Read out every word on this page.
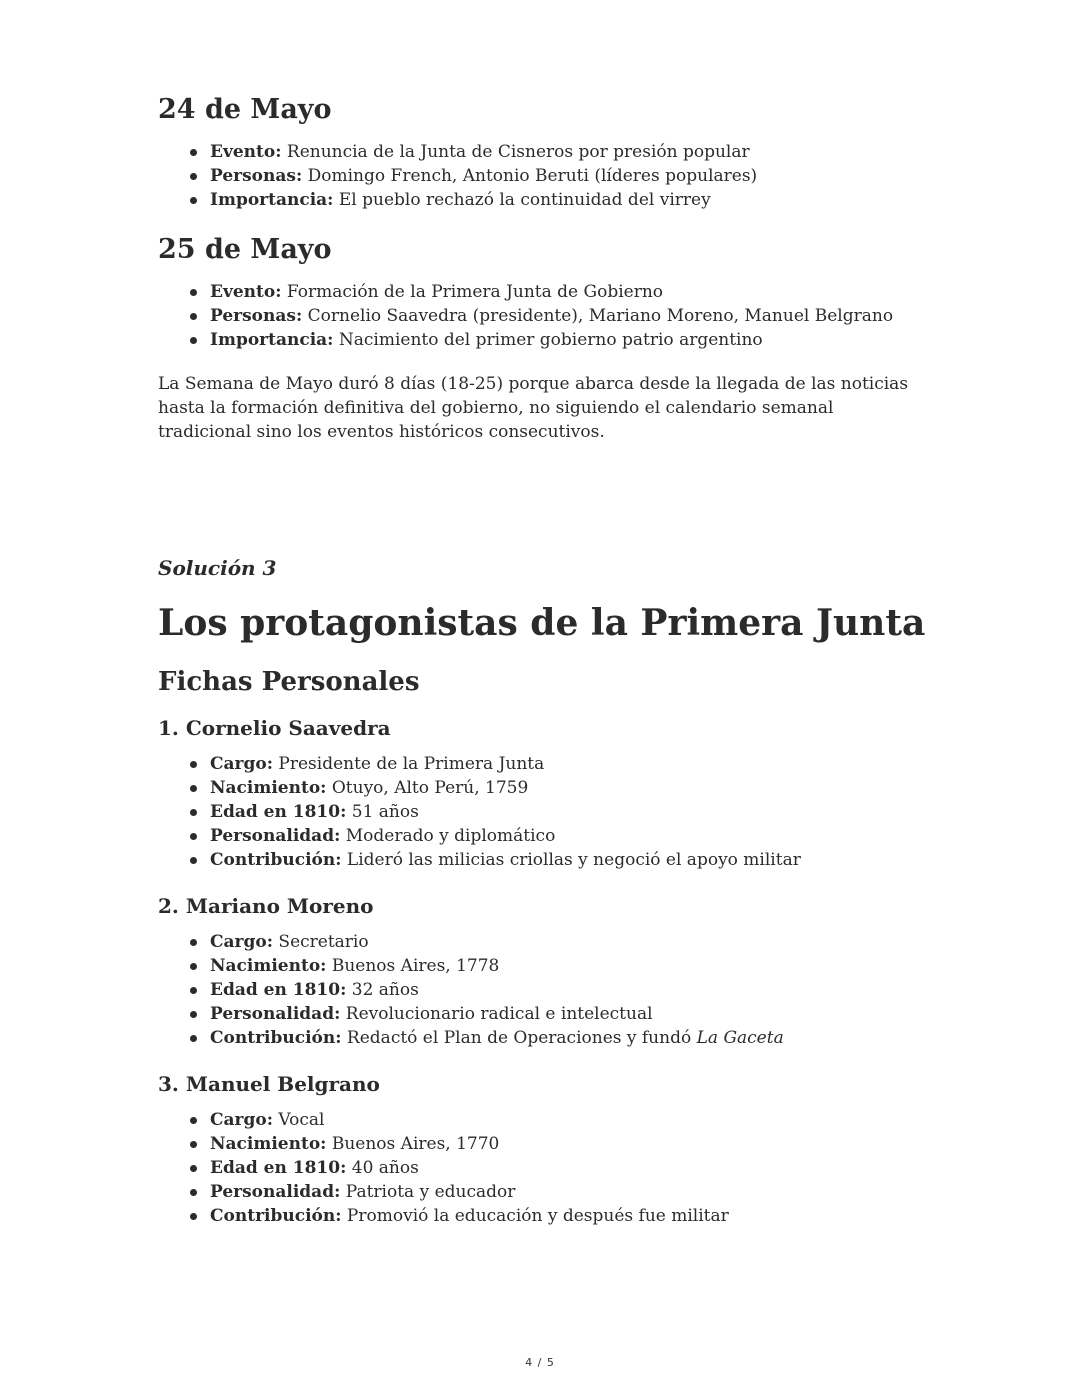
24 de Mayo
Evento: Renuncia de la Junta de Cisneros por presión popular
Personas: Domingo French, Antonio Beruti (líderes populares)
Importancia: El pueblo rechazó la continuidad del virrey
25 de Mayo
Evento: Formación de la Primera Junta de Gobierno
Personas: Cornelio Saavedra (presidente), Mariano Moreno, Manuel Belgrano
Importancia: Nacimiento del primer gobierno patrio argentino

La Semana de Mayo duró 8 días (18-25) porque abarca desde la llegada de las noticias hasta la formación definitiva del gobierno, no siguiendo el calendario semanal tradicional sino los eventos históricos consecutivos.

Solución 3

Los protagonistas de la Primera Junta
Fichas Personales
1. Cornelio Saavedra
Cargo: Presidente de la Primera Junta
Nacimiento: Otuyo, Alto Perú, 1759
Edad en 1810: 51 años
Personalidad: Moderado y diplomático
Contribución: Lideró las milicias criollas y negoció el apoyo militar
2. Mariano Moreno
Cargo: Secretario
Nacimiento: Buenos Aires, 1778
Edad en 1810: 32 años
Personalidad: Revolucionario radical e intelectual
Contribución: Redactó el Plan de Operaciones y fundó La Gaceta
3. Manuel Belgrano
Cargo: Vocal
Nacimiento: Buenos Aires, 1770
Edad en 1810: 40 años
Personalidad: Patriota y educador
Contribución: Promovió la educación y después fue militar
4 / 5
